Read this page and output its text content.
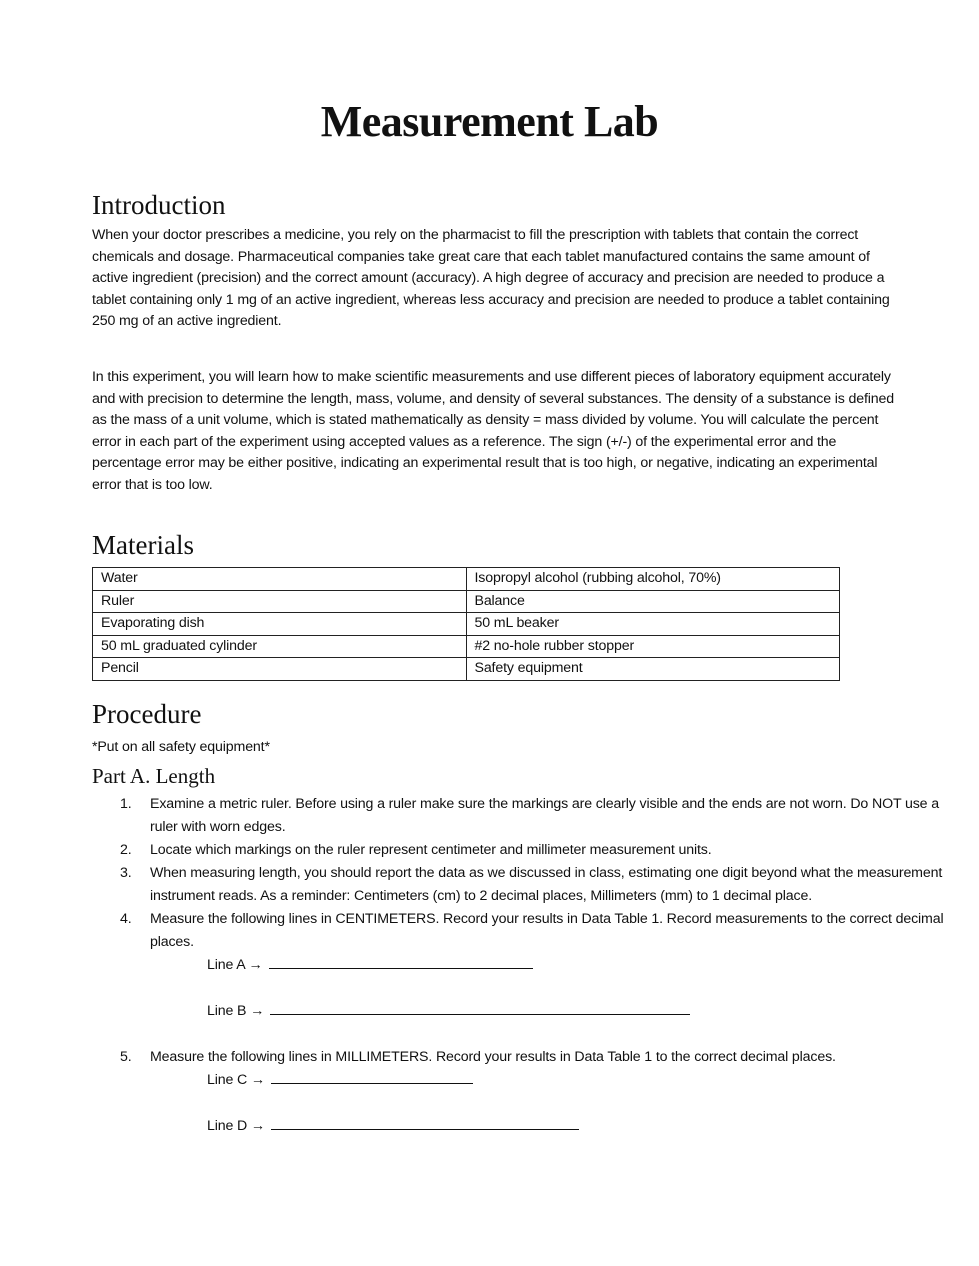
Measurement Lab
Introduction

When your doctor prescribes a medicine, you rely on the pharmacist to fill the prescription with tablets that contain the correct chemicals and dosage. Pharmaceutical companies take great care that each tablet manufactured contains the same amount of active ingredient (precision) and the correct amount (accuracy). A high degree of accuracy and precision are needed to produce a tablet containing only 1 mg of an active ingredient, whereas less accuracy and precision are needed to produce a tablet containing 250 mg of an active ingredient.

In this experiment, you will learn how to make scientific measurements and use different pieces of laboratory equipment accurately and with precision to determine the length, mass, volume, and density of several substances. The density of a substance is defined as the mass of a unit volume, which is stated mathematically as density = mass divided by volume. You will calculate the percent error in each part of the experiment using accepted values as a reference. The sign (+/-) of the experimental error and the percentage error may be either positive, indicating an experimental result that is too high, or negative, indicating an experimental error that is too low.

Materials
Water	Isopropyl alcohol (rubbing alcohol, 70%)
Ruler	Balance
Evaporating dish	50 mL beaker
50 mL graduated cylinder	#2 no-hole rubber stopper
Pencil	Safety equipment
Procedure

*Put on all safety equipment*

Part A. Length
1. Examine a metric ruler. Before using a ruler make sure the markings are clearly visible and the ends are not worn. Do NOT use a ruler with worn edges.
2. Locate which markings on the ruler represent centimeter and millimeter measurement units.
3. When measuring length, you should report the data as we discussed in class, estimating one digit beyond what the measurement instrument reads. As a reminder: Centimeters (cm) to 2 decimal places, Millimeters (mm) to 1 decimal place.
4. Measure the following lines in CENTIMETERS. Record your results in Data Table 1. Record measurements to the correct decimal places.
Line A →
Line B →
5. Measure the following lines in MILLIMETERS. Record your results in Data Table 1 to the correct decimal places.
Line C →
Line D →
